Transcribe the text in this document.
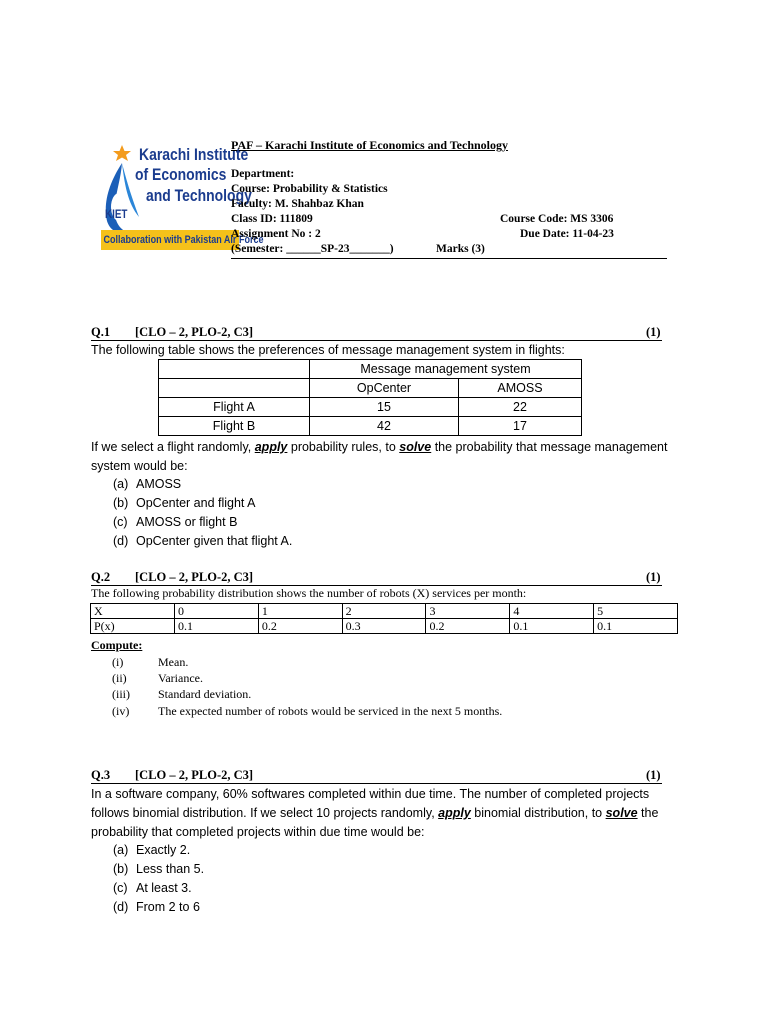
PAF – Karachi Institute of Economics and Technology
Karachi Institute
of Economics
KIET
and Technology
Collaboration with Pakistan Air Force
Department:
Course: Probability & Statistics
Faculty: M. Shahbaz Khan
Class ID: 111809	Course Code: MS 3306
Assignment No : 2	Due Date: 11-04-23
(Semester: ______SP-23_______)	Marks (3)
Q.1 [CLO – 2, PLO-2, C3]	(1)
The following table shows the preferences of message management system in flights:
	Message management system	
	OpCenter	AMOSS
Flight A	15	22
Flight B	42	17
If we select a flight randomly, apply probability rules, to solve the probability that message management system would be:
(a) AMOSS
(b) OpCenter and flight A
(c) AMOSS or flight B
(d) OpCenter given that flight A.
Q.2 [CLO – 2, PLO-2, C3]	(1)
The following probability distribution shows the number of robots (X) services per month:
X	0	1	2	3	4	5
P(x)	0.1	0.2	0.3	0.2	0.1	0.1
Compute:
(i)	Mean.
(ii)	Variance.
(iii) Standard deviation.
(iv) The expected number of robots would be serviced in the next 5 months.
Q.3 [CLO – 2, PLO-2, C3]	(1)
In a software company, 60% softwares completed within due time. The number of completed projects follows binomial distribution. If we select 10 projects randomly, apply binomial distribution, to solve the probability that completed projects within due time would be:
(a) Exactly 2.
(b) Less than 5.
(c) At least 3.
(d) From 2 to 6
